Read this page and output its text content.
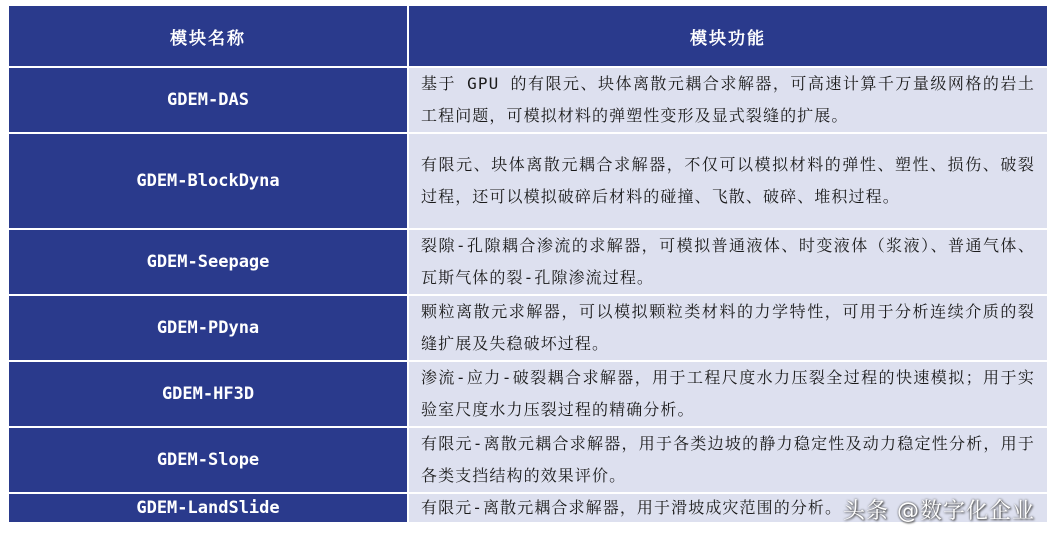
模块名称	模块功能
GDEM-DAS	基于 GPU 的有限元、块体离散元耦合求解器，可高速计算千万量级网格的岩土工程问题，可模拟材料的弹塑性变形及显式裂缝的扩展。
GDEM-BlockDyna	有限元、块体离散元耦合求解器，不仅可以模拟材料的弹性、塑性、损伤、破裂过程，还可以模拟破碎后材料的碰撞、飞散、破碎、堆积过程。
GDEM-Seepage	裂隙-孔隙耦合渗流的求解器，可模拟普通液体、时变液体（浆液）、普通气体、瓦斯气体的裂-孔隙渗流过程。
GDEM-PDyna	颗粒离散元求解器，可以模拟颗粒类材料的力学特性，可用于分析连续介质的裂缝扩展及失稳破坏过程。
GDEM-HF3D	渗流-应力-破裂耦合求解器，用于工程尺度水力压裂全过程的快速模拟；用于实验室尺度水力压裂过程的精确分析。
GDEM-Slope	有限元-离散元耦合求解器，用于各类边坡的静力稳定性及动力稳定性分析，用于各类支挡结构的效果评价。
GDEM-LandSlide	有限元-离散元耦合求解器，用于滑坡成灾范围的分析。 头条 @数字化企业
